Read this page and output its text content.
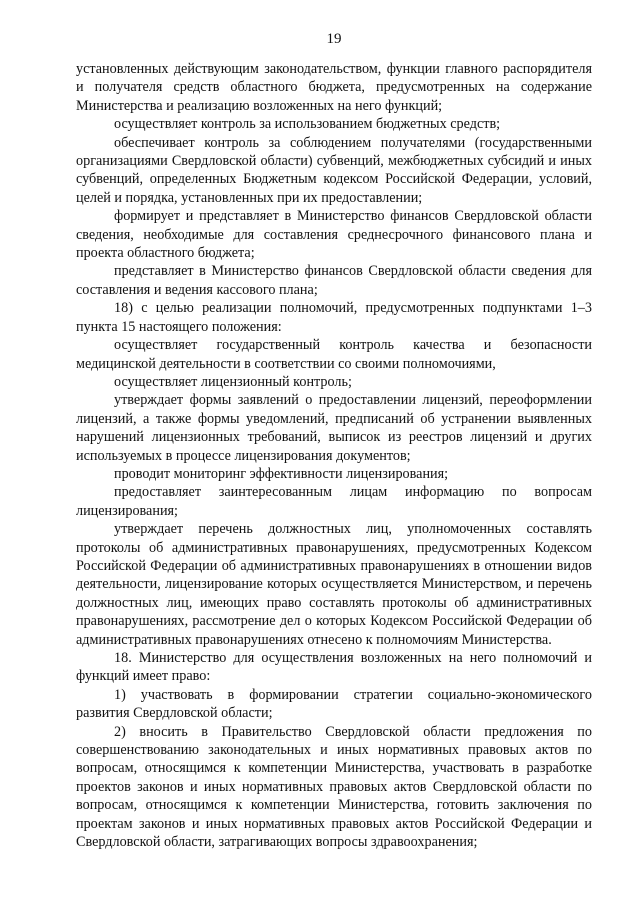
19

установленных действующим законодательством, функции главного распорядителя и получателя средств областного бюджета, предусмотренных на содержание Министерства и реализацию возложенных на него функций;

осуществляет контроль за использованием бюджетных средств;

обеспечивает контроль за соблюдением получателями (государственными организациями Свердловской области) субвенций, межбюджетных субсидий и иных субвенций, определенных Бюджетным кодексом Российской Федерации, условий, целей и порядка, установленных при их предоставлении;

формирует и представляет в Министерство финансов Свердловской области сведения, необходимые для составления среднесрочного финансового плана и проекта областного бюджета;

представляет в Министерство финансов Свердловской области сведения для составления и ведения кассового плана;

18) с целью реализации полномочий, предусмотренных подпунктами 1–3 пункта 15 настоящего положения:

осуществляет государственный контроль качества и безопасности медицинской деятельности в соответствии со своими полномочиями,

осуществляет лицензионный контроль;

утверждает формы заявлений о предоставлении лицензий, переоформлении лицензий, а также формы уведомлений, предписаний об устранении выявленных нарушений лицензионных требований, выписок из реестров лицензий и других используемых в процессе лицензирования документов;

проводит мониторинг эффективности лицензирования;

предоставляет заинтересованным лицам информацию по вопросам лицензирования;

утверждает перечень должностных лиц, уполномоченных составлять протоколы об административных правонарушениях, предусмотренных Кодексом Российской Федерации об административных правонарушениях в отношении видов деятельности, лицензирование которых осуществляется Министерством, и перечень должностных лиц, имеющих право составлять протоколы об административных правонарушениях, рассмотрение дел о которых Кодексом Российской Федерации об административных правонарушениях отнесено к полномочиям Министерства.

18. Министерство для осуществления возложенных на него полномочий и функций имеет право:

1) участвовать в формировании стратегии социально-экономического развития Свердловской области;

2) вносить в Правительство Свердловской области предложения по совершенствованию законодательных и иных нормативных правовых актов по вопросам, относящимся к компетенции Министерства, участвовать в разработке проектов законов и иных нормативных правовых актов Свердловской области по вопросам, относящимся к компетенции Министерства, готовить заключения по проектам законов и иных нормативных правовых актов Российской Федерации и Свердловской области, затрагивающих вопросы здравоохранения;
